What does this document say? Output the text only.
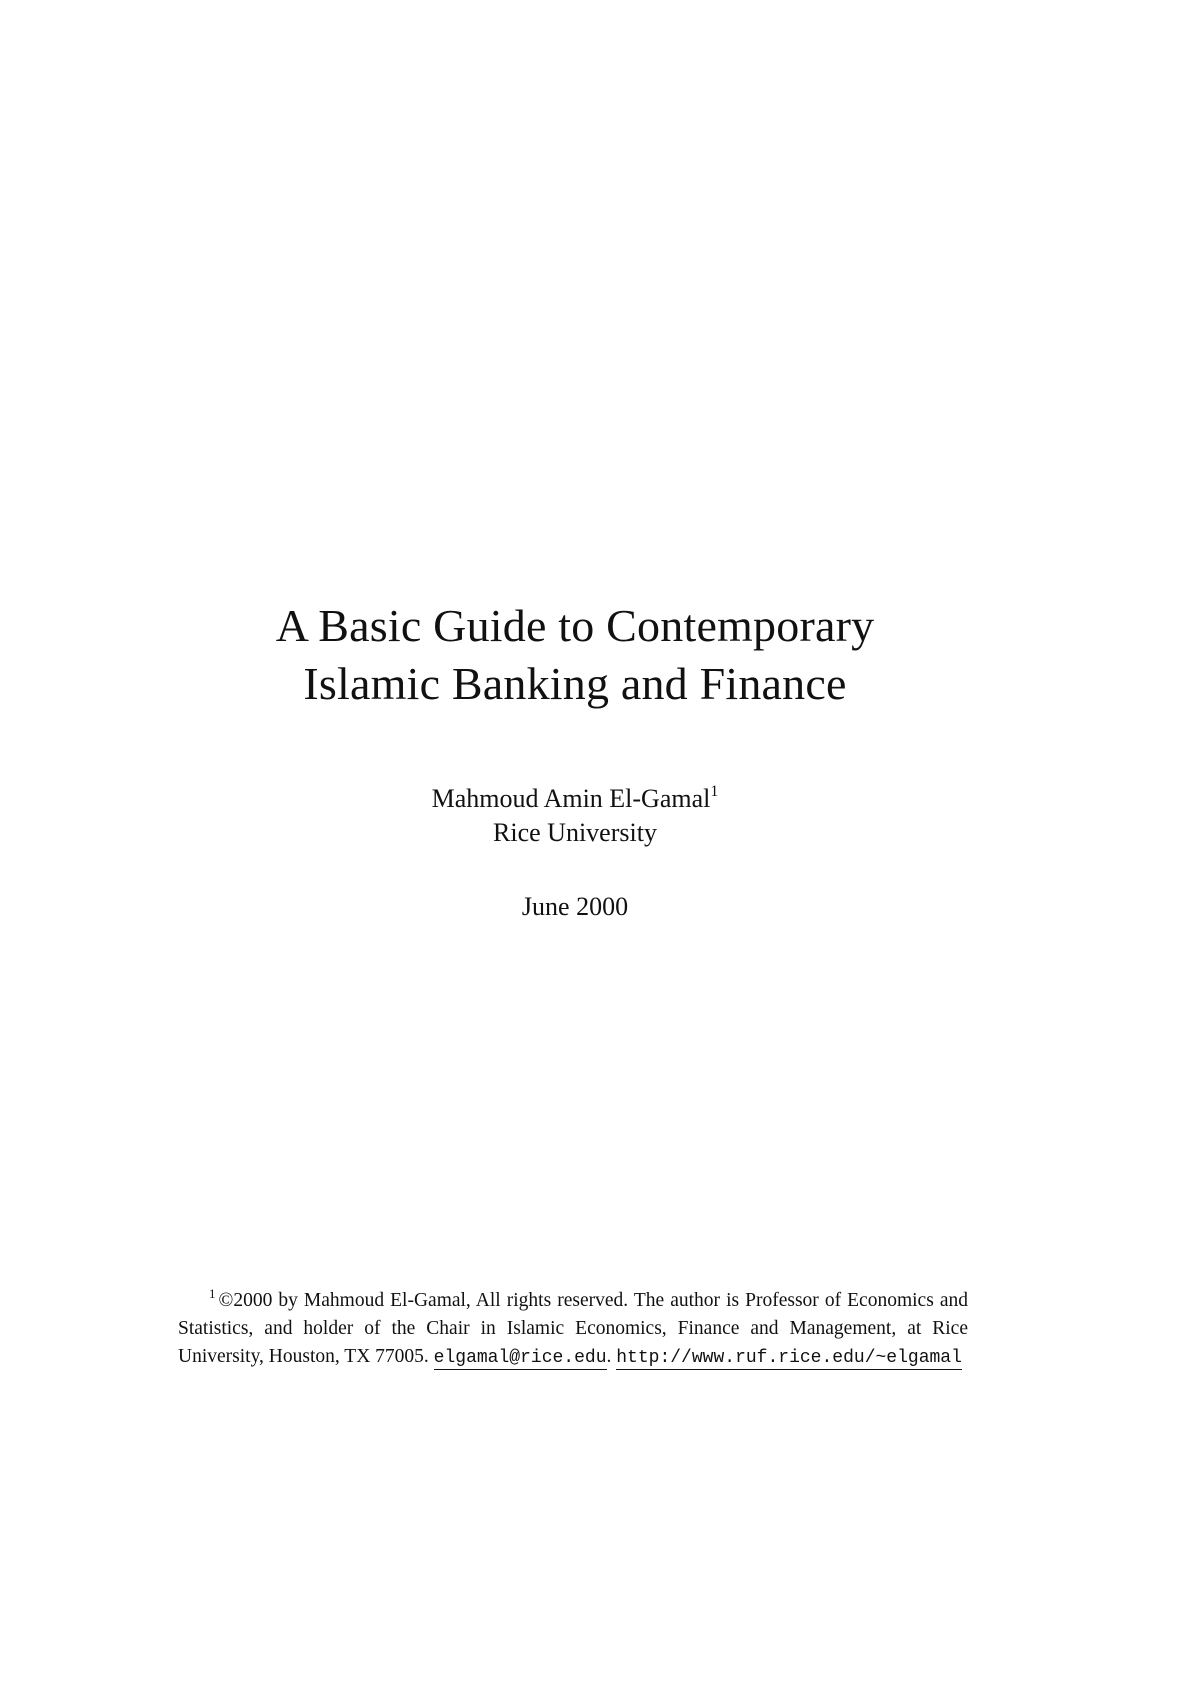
A Basic Guide to Contemporary
Islamic Banking and Finance
Mahmoud Amin El-Gamal$^1$
Rice University
June 2000
$^1$ ©2000 by Mahmoud El-Gamal, All rights reserved. The author is Professor of Economics and Statistics, and holder of the Chair in Islamic Economics, Finance and Management, at Rice University, Houston, TX 77005. elgamal@rice.edu. http://www.ruf.rice.edu/~elgamal
